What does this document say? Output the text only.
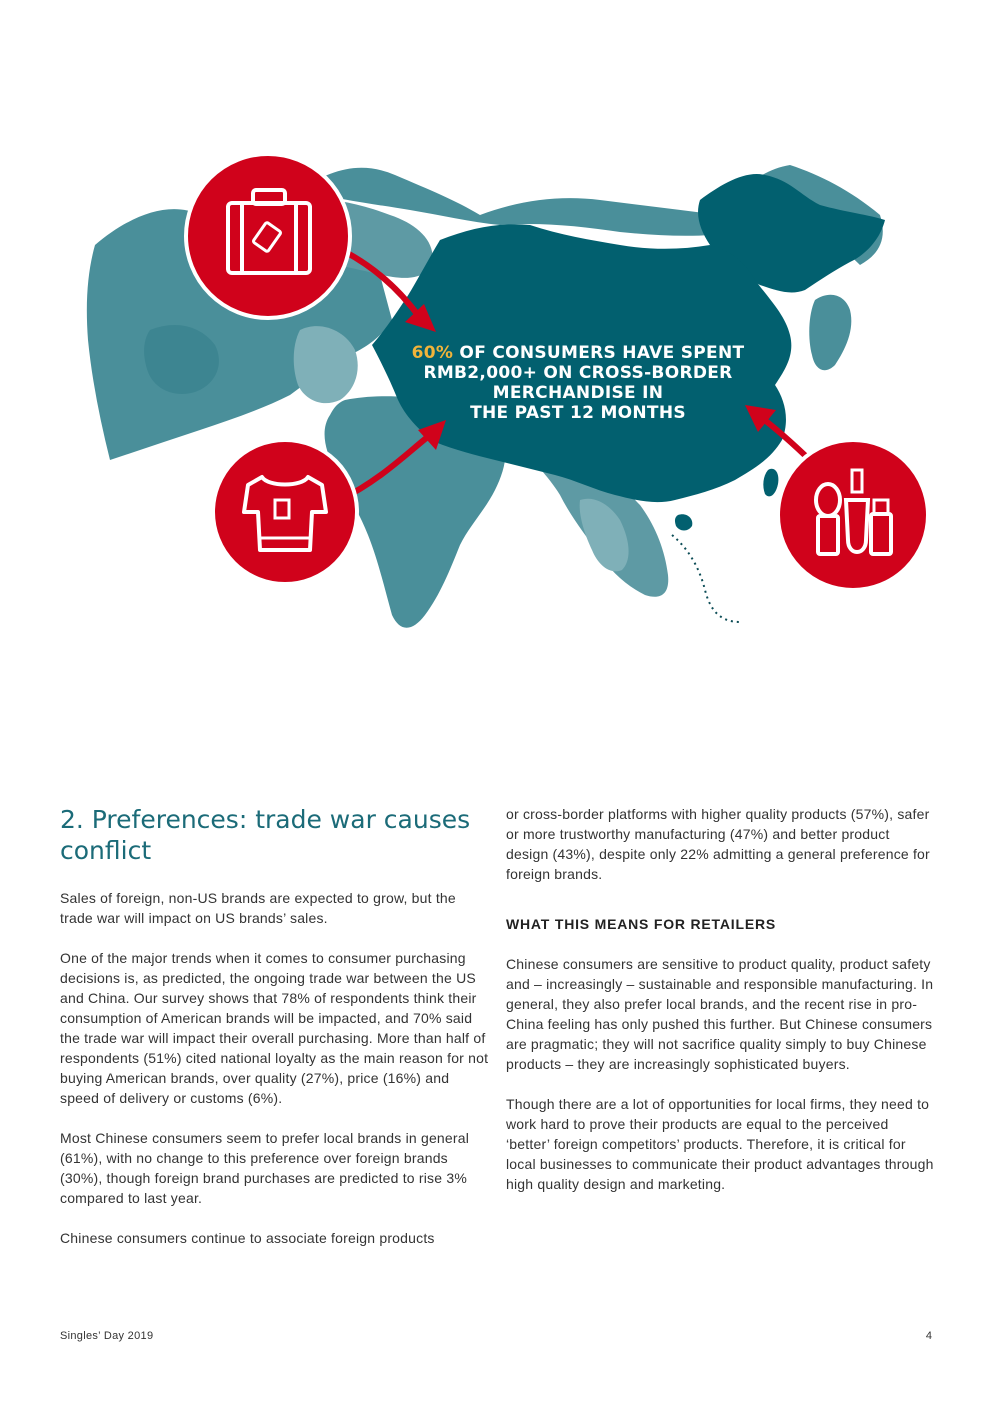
60% OF CONSUMERS HAVE SPENT
RMB2,000+ ON CROSS-BORDER
MERCHANDISE IN
THE PAST 12 MONTHS
2. Preferences: trade war causes conflict

Sales of foreign, non-US brands are expected to grow, but the trade war will impact on US brands’ sales.

One of the major trends when it comes to consumer purchasing decisions is, as predicted, the ongoing trade war between the US and China. Our survey shows that 78% of respondents think their consumption of American brands will be impacted, and 70% said the trade war will impact their overall purchasing. More than half of respondents (51%) cited national loyalty as the main reason for not buying American brands, over quality (27%), price (16%) and speed of delivery or customs (6%).

Most Chinese consumers seem to prefer local brands in general (61%), with no change to this preference over foreign brands (30%), though foreign brand purchases are predicted to rise 3% compared to last year.

Chinese consumers continue to associate foreign products

or cross-border platforms with higher quality products (57%), safer or more trustworthy manufacturing (47%) and better product design (43%), despite only 22% admitting a general preference for foreign brands.

WHAT THIS MEANS FOR RETAILERS

Chinese consumers are sensitive to product quality, product safety and – increasingly – sustainable and responsible manufacturing. In general, they also prefer local brands, and the recent rise in pro-China feeling has only pushed this further. But Chinese consumers are pragmatic; they will not sacrifice quality simply to buy Chinese products – they are increasingly sophisticated buyers.

Though there are a lot of opportunities for local firms, they need to work hard to prove their products are equal to the perceived ‘better’ foreign competitors’ products. Therefore, it is critical for local businesses to communicate their product advantages through high quality design and marketing.

Singles’ Day 2019	4
